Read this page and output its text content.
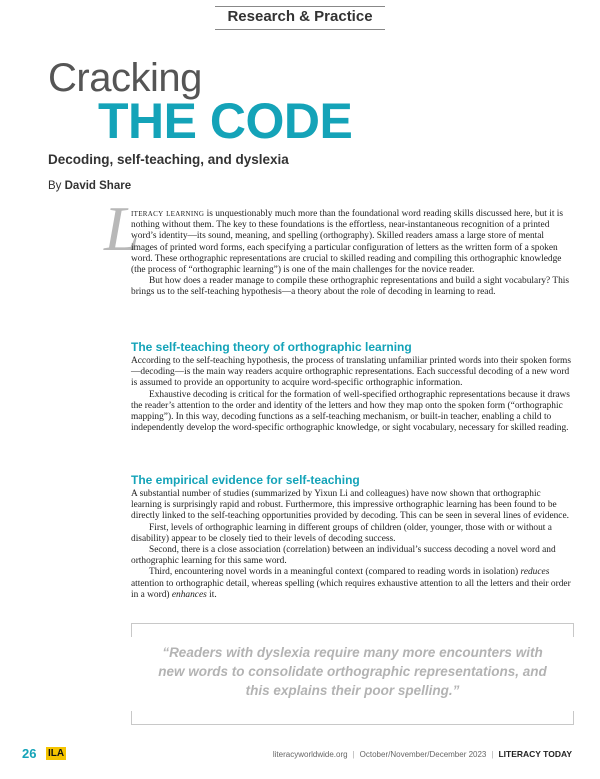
Research & Practice
Cracking
THE CODE
Decoding, self-teaching, and dyslexia
By David Share
L

iteracy learning is unquestionably much more than the foundational word reading skills discussed here, but it is nothing without them. The key to these foundations is the effortless, near-instantaneous recognition of a printed word’s identity—its sound, meaning, and spelling (orthography). Skilled readers amass a large store of mental images of printed word forms, each specifying a particular configuration of letters as the written form of a spoken word. These orthographic representations are crucial to skilled reading and compiling this orthographic knowledge (the process of “orthographic learning”) is one of the main challenges for the novice reader.

But how does a reader manage to compile these orthographic representations and build a sight vocabulary? This brings us to the self-teaching hypothesis—a theory about the role of decoding in learning to read.

The self-teaching theory of orthographic learning

According to the self-teaching hypothesis, the process of translating unfamiliar printed words into their spoken forms—decoding—is the main way readers acquire orthographic representations. Each successful decoding of a new word is assumed to provide an opportunity to acquire word-specific orthographic information.

Exhaustive decoding is critical for the formation of well-specified orthographic representations because it draws the reader’s attention to the order and identity of the letters and how they map onto the spoken form (“orthographic mapping”). In this way, decoding functions as a self-teaching mechanism, or built-in teacher, enabling a child to independently develop the word-specific orthographic knowledge, or sight vocabulary, necessary for skilled reading.

The empirical evidence for self-teaching

A substantial number of studies (summarized by Yixun Li and colleagues) have now shown that orthographic learning is surprisingly rapid and robust. Furthermore, this impressive orthographic learning has been found to be directly linked to the self-teaching opportunities provided by decoding. This can be seen in several lines of evidence.

First, levels of orthographic learning in different groups of children (older, younger, those with or without a disability) appear to be closely tied to their levels of decoding success.

Second, there is a close association (correlation) between an individual’s success decoding a novel word and orthographic learning for this same word.

Third, encountering novel words in a meaningful context (compared to reading words in isolation) reduces attention to orthographic detail, whereas spelling (which requires exhaustive attention to all the letters and their order in a word) enhances it.

“Readers with dyslexia require many more encounters with new words to consolidate orthographic representations, and this explains their poor spelling.”
26 ILA	literacyworldwide.org | October/November/December 2023 | LITERACY TODAY
